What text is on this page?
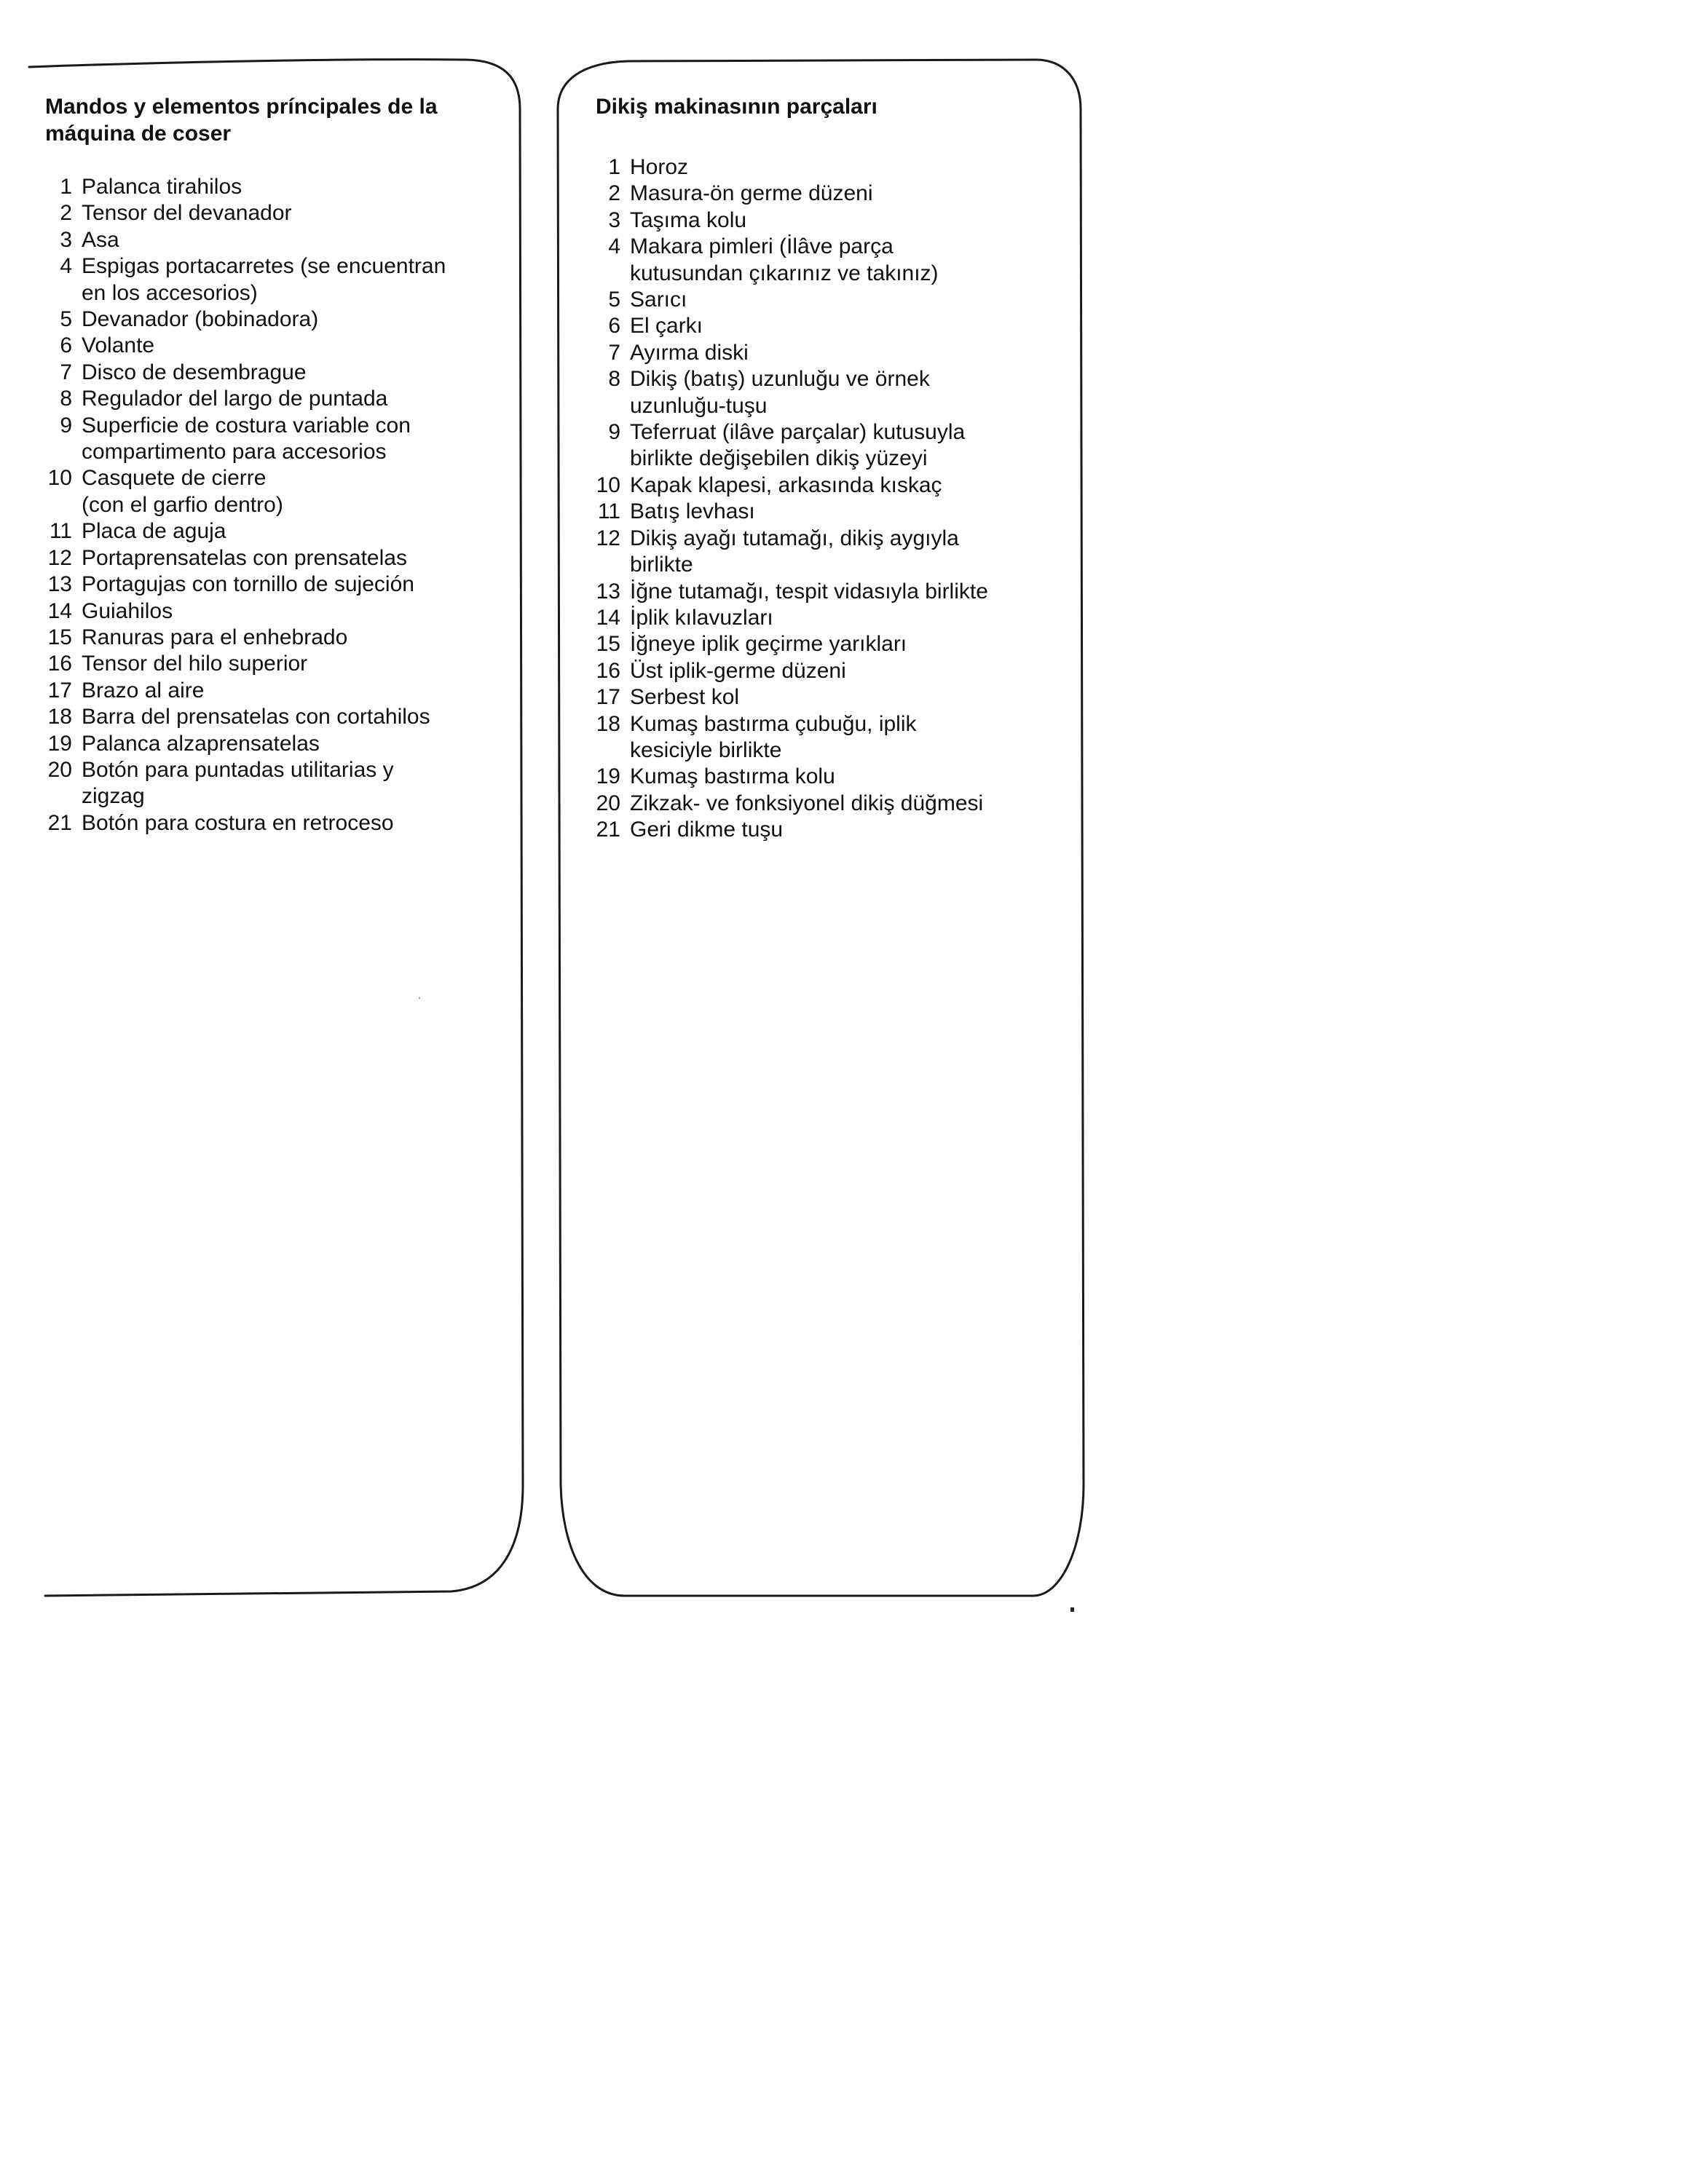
Mandos y elementos príncipales de la máquina de coser
1 Palanca tirahilos
2 Tensor del devanador
3 Asa
4 Espigas portacarretes (se encuentran
en los accesorios)
5 Devanador (bobinadora)
6 Volante
7 Disco de desembrague
8 Regulador del largo de puntada
9 Superficie de costura variable con
compartimento para accesorios
10 Casquete de cierre
(con el garfio dentro)
11 Placa de aguja
12 Portaprensatelas con prensatelas
13 Portagujas con tornillo de sujeción
14 Guiahilos
15 Ranuras para el enhebrado
16 Tensor del hilo superior
17 Brazo al aire
18 Barra del prensatelas con cortahilos
19 Palanca alzaprensatelas
20 Botón para puntadas utilitarias y
zigzag
21 Botón para costura en retroceso
Dikiş makinasının parçaları
1 Horoz
2 Masura-ön germe düzeni
3 Taşıma kolu
4 Makara pimleri (İlâve parça
kutusundan çıkarınız ve takınız)
5 Sarıcı
6 El çarkı
7 Ayırma diski
8 Dikiş (batış) uzunluğu ve örnek
uzunluğu-tuşu
9 Teferruat (ilâve parçalar) kutusuyla
birlikte değişebilen dikiş yüzeyi
10 Kapak klapesi, arkasında kıskaç
11 Batış levhası
12 Dikiş ayağı tutamağı, dikiş aygıyla
birlikte
13 İğne tutamağı, tespit vidasıyla birlikte
14 İplik kılavuzları
15 İğneye iplik geçirme yarıkları
16 Üst iplik-germe düzeni
17 Serbest kol
18 Kumaş bastırma çubuğu, iplik
kesiciyle birlikte
19 Kumaş bastırma kolu
20 Zikzak- ve fonksiyonel dikiş düğmesi
21 Geri dikme tuşu
